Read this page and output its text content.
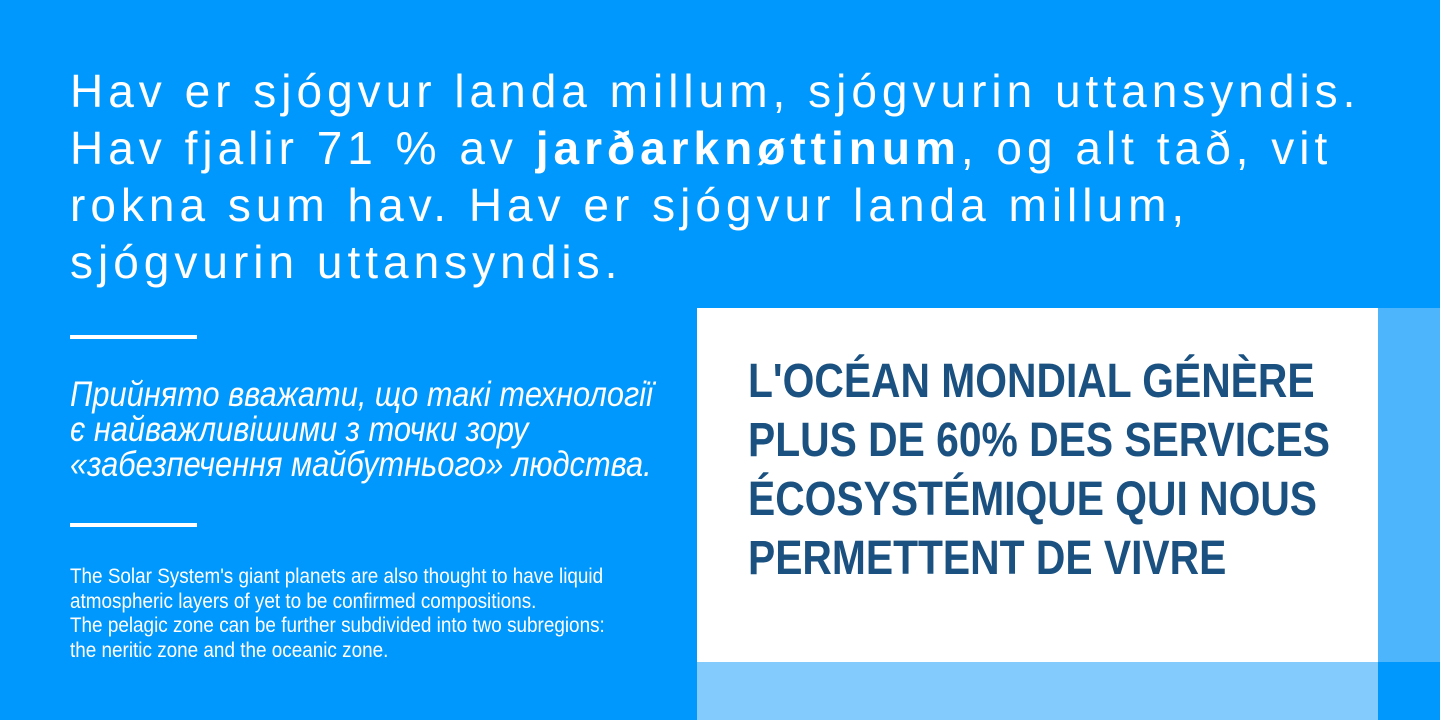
Hav er sjógvur landa millum, sjógvurin uttansyndis.
Hav fjalir 71 % av jarðarknøttinum, og alt tað, vit
rokna sum hav. Hav er sjógvur landa millum,
sjógvurin uttansyndis.
Прийнято вважати, що такі технології
є найважливішими з точки зору
«забезпечення майбутнього» людства.
The Solar System's giant planets are also thought to have liquid
atmospheric layers of yet to be confirmed compositions.
The pelagic zone can be further subdivided into two subregions:
the neritic zone and the oceanic zone.
L'OCÉAN MONDIAL GÉNÈRE
PLUS DE 60% DES SERVICES
ÉCOSYSTÉMIQUE QUI NOUS
PERMETTENT DE VIVRE
